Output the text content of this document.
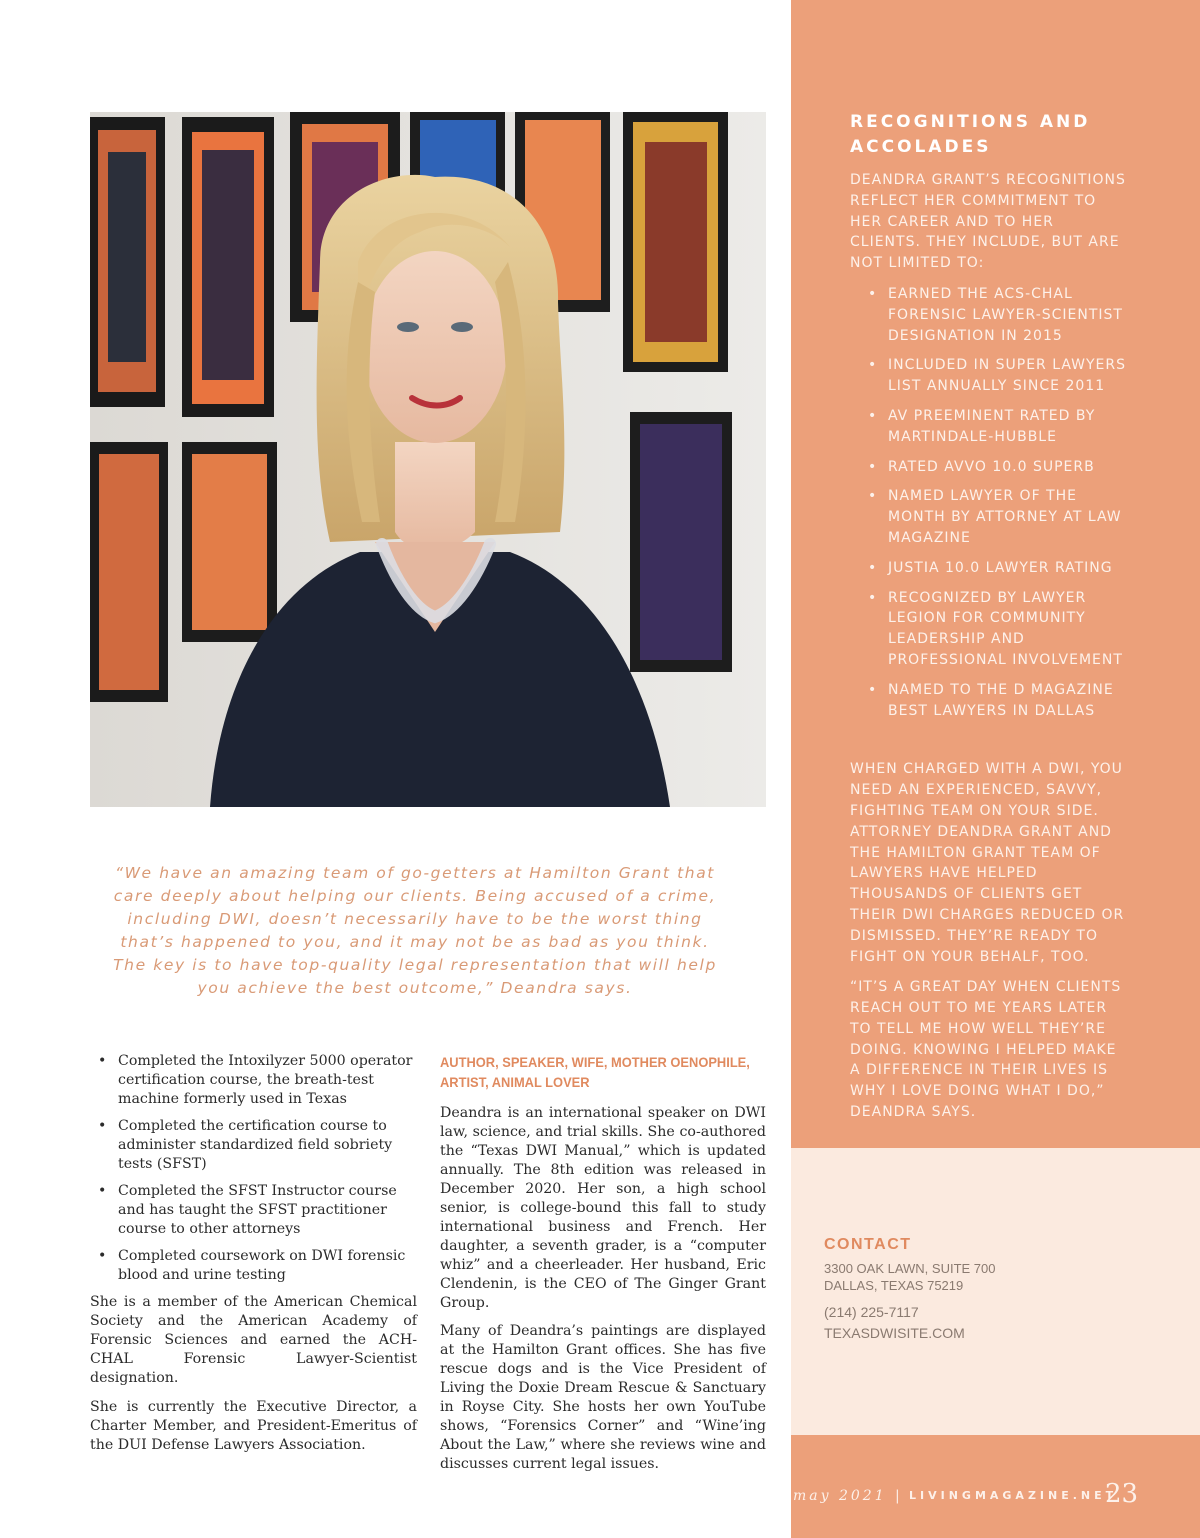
“We have an amazing team of go-getters at Hamilton Grant that care deeply about helping our clients. Being accused of a crime, including DWI, doesn’t necessarily have to be the worst thing that’s happened to you, and it may not be as bad as you think. The key is to have top-quality legal representation that will help you achieve the best outcome,” Deandra says.

• Completed the Intoxilyzer 5000 operator certification course, the breath-test machine formerly used in Texas
• Completed the certification course to administer standardized field sobriety tests (SFST)
• Completed the SFST Instructor course and has taught the SFST practitioner course to other attorneys
• Completed coursework on DWI forensic blood and urine testing

She is a member of the American Chemical Society and the American Academy of Forensic Sciences and earned the ACH-CHAL Forensic Lawyer-Scientist designation.

She is currently the Executive Director, a Charter Member, and President-Emeritus of the DUI Defense Lawyers Association.

AUTHOR, SPEAKER, WIFE, MOTHER OENOPHILE, ARTIST, ANIMAL LOVER

Deandra is an international speaker on DWI law, science, and trial skills. She co-authored the “Texas DWI Manual,” which is updated annually. The 8th edition was released in December 2020. Her son, a high school senior, is college-bound this fall to study international business and French. Her daughter, a seventh grader, is a “computer whiz” and a cheerleader. Her husband, Eric Clendenin, is the CEO of The Ginger Grant Group.

Many of Deandra’s paintings are displayed at the Hamilton Grant offices. She has five rescue dogs and is the Vice President of Living the Doxie Dream Rescue & Sanctuary in Royse City. She hosts her own YouTube shows, “Forensics Corner” and “Wine’ing About the Law,” where she reviews wine and discusses current legal issues.

RECOGNITIONS AND ACCOLADES

DEANDRA GRANT’S RECOGNITIONS REFLECT HER COMMITMENT TO HER CAREER AND TO HER CLIENTS. THEY INCLUDE, BUT ARE NOT LIMITED TO:

• EARNED THE ACS-CHAL FORENSIC LAWYER-SCIENTIST DESIGNATION IN 2015
• INCLUDED IN SUPER LAWYERS LIST ANNUALLY SINCE 2011
• AV PREEMINENT RATED BY MARTINDALE-HUBBLE
• RATED AVVO 10.0 SUPERB
• NAMED LAWYER OF THE MONTH BY ATTORNEY AT LAW MAGAZINE
• JUSTIA 10.0 LAWYER RATING
• RECOGNIZED BY LAWYER LEGION FOR COMMUNITY LEADERSHIP AND PROFESSIONAL INVOLVEMENT
• NAMED TO THE D MAGAZINE BEST LAWYERS IN DALLAS

WHEN CHARGED WITH A DWI, YOU NEED AN EXPERIENCED, SAVVY, FIGHTING TEAM ON YOUR SIDE. ATTORNEY DEANDRA GRANT AND THE HAMILTON GRANT TEAM OF LAWYERS HAVE HELPED THOUSANDS OF CLIENTS GET THEIR DWI CHARGES REDUCED OR DISMISSED. THEY’RE READY TO FIGHT ON YOUR BEHALF, TOO.

“IT’S A GREAT DAY WHEN CLIENTS REACH OUT TO ME YEARS LATER TO TELL ME HOW WELL THEY’RE DOING. KNOWING I HELPED MAKE A DIFFERENCE IN THEIR LIVES IS WHY I LOVE DOING WHAT I DO,” DEANDRA SAYS.

CONTACT

3300 OAK LAWN, SUITE 700

DALLAS, TEXAS 75219

(214) 225-7117

TEXASDWISITE.COM

may 2021 | LIVINGMAGAZINE.NET
23
